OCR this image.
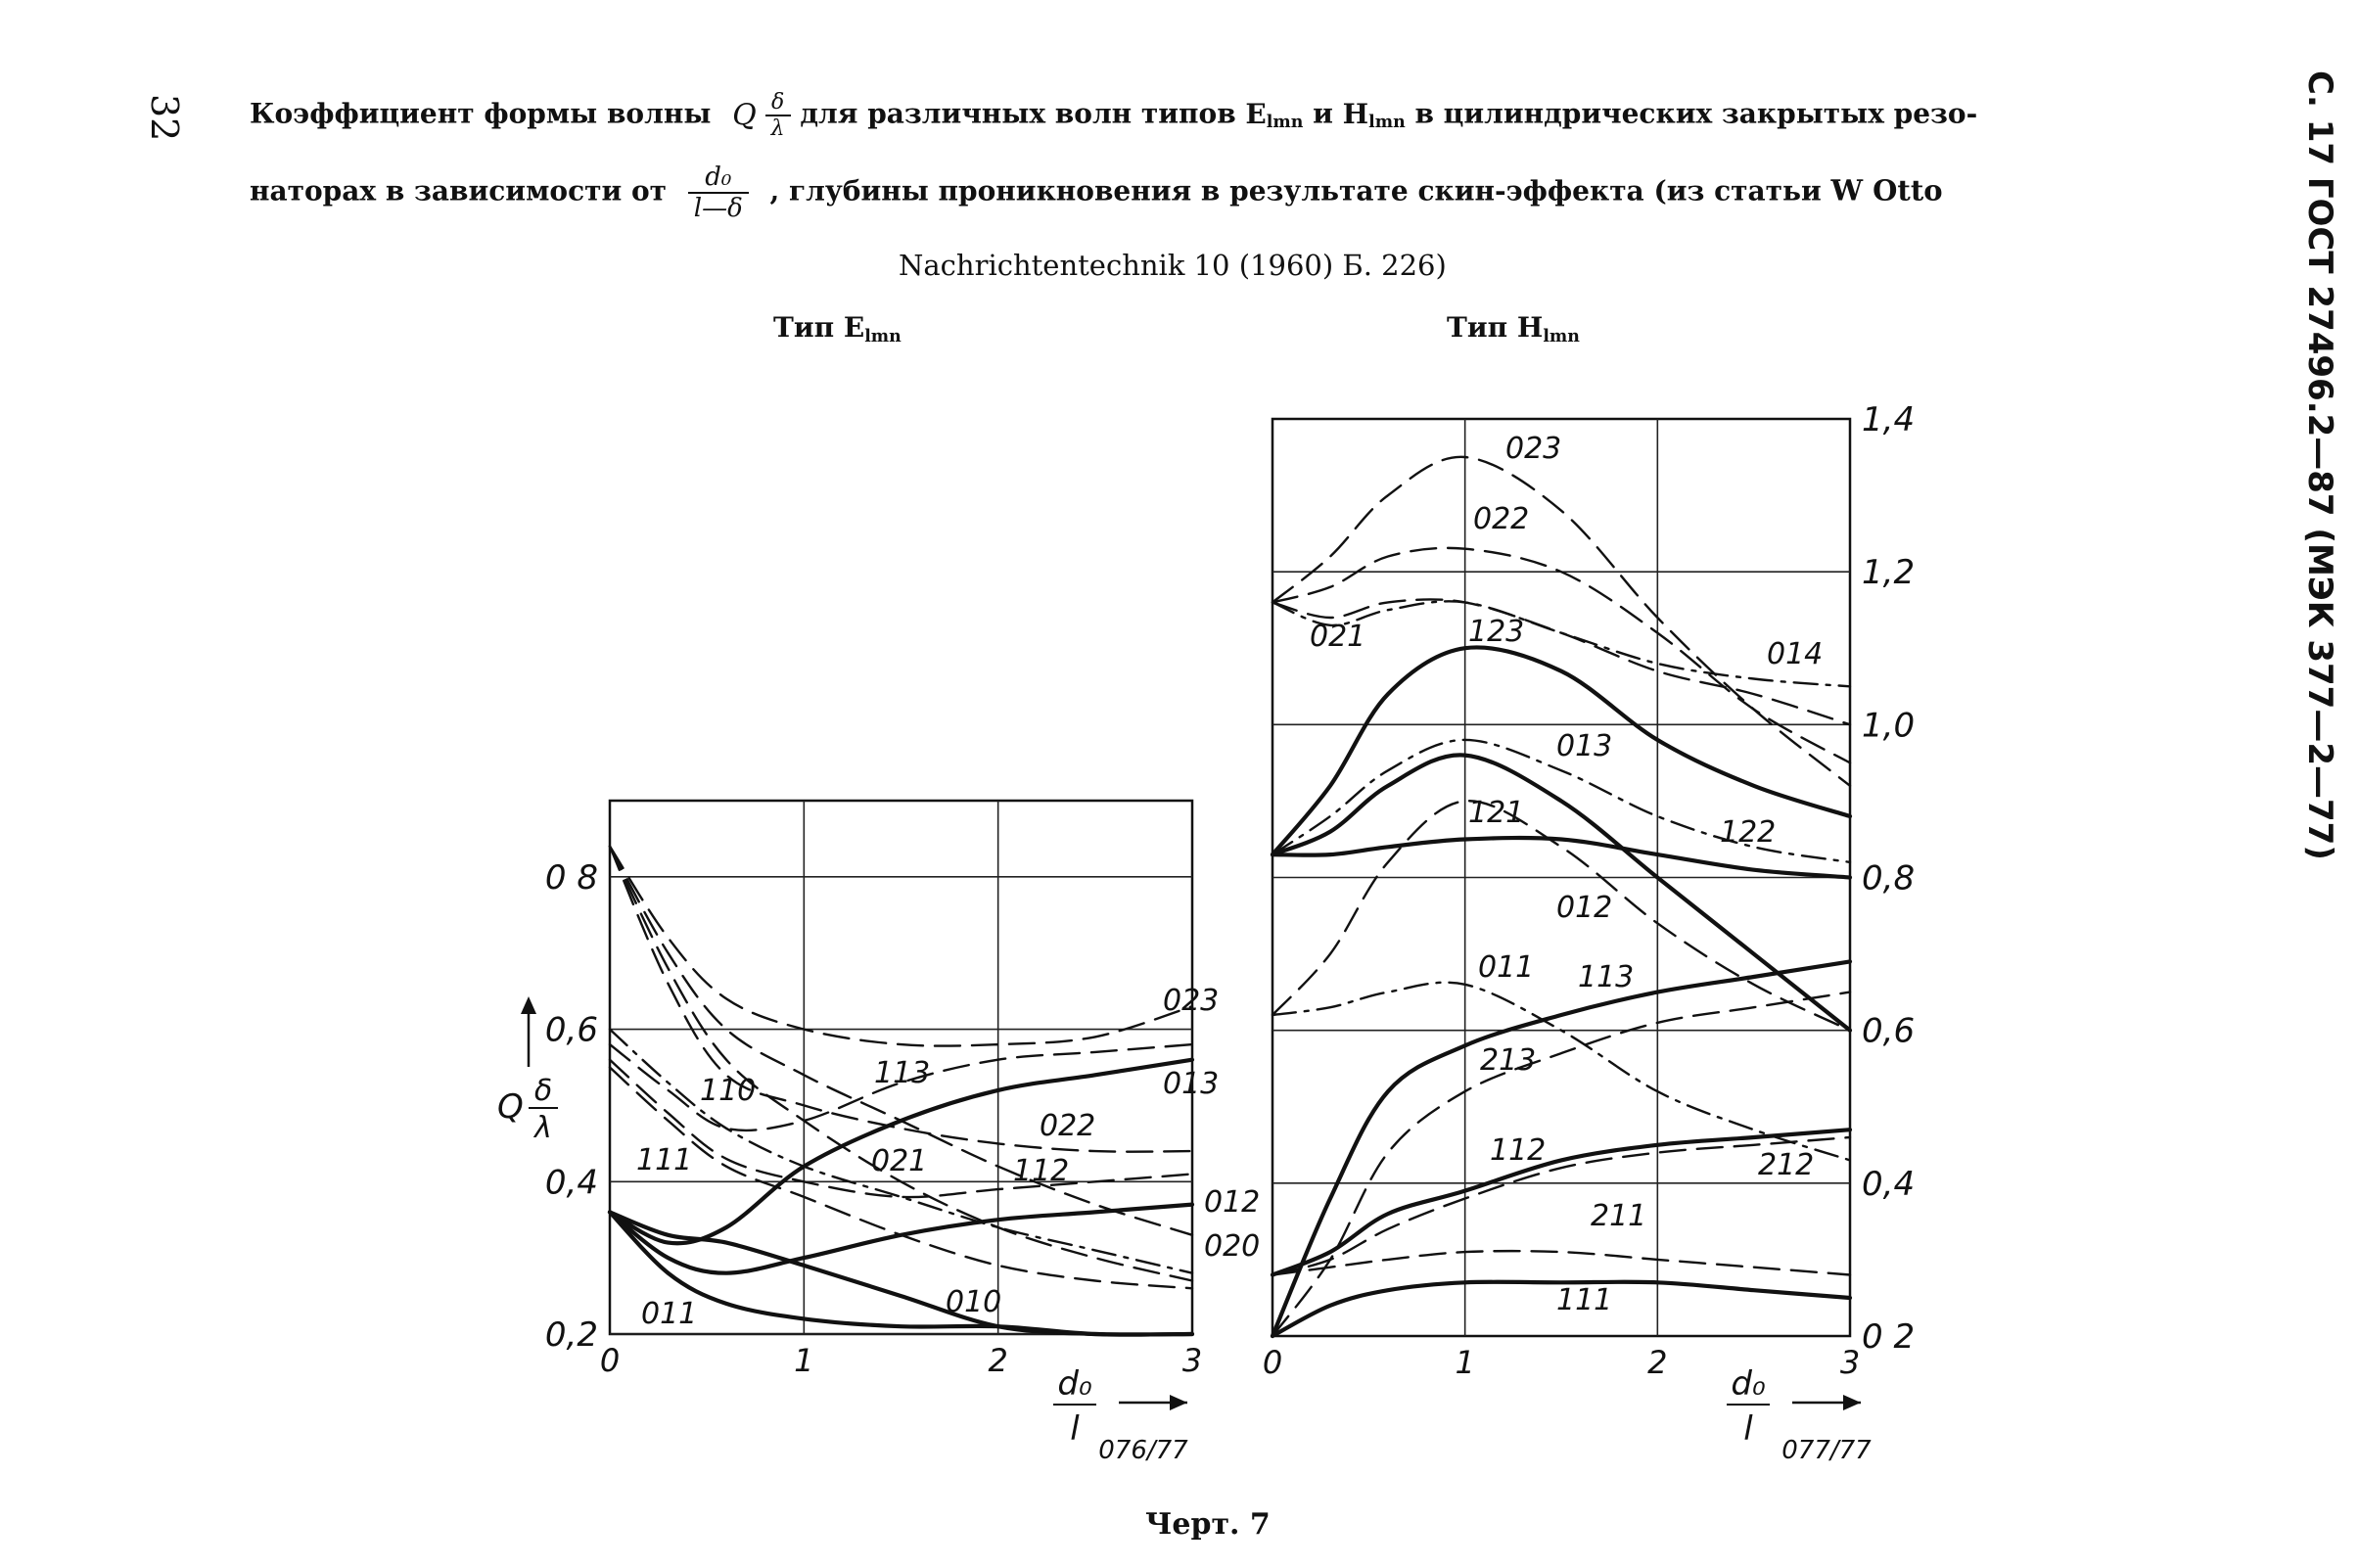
32	С. 17 ГОСТ 27496.2—87 (МЭК 377—2—77)
Коэффициент формы волны Q $\frac{\delta}{\lambda}$ для различных волн типов Elmn и Hlmn в цилиндрических закрытых резо-
наторах в зависимости от $\frac{\text{d₀}}{l—\delta}$ , глубины проникновения в результате скин-эффекта (из статьи W Otto
Nachrichtentechnik 10 (1960) Б. 226)
Тип Elmn	Тип Hlmn
0,2
0,4
0,6
0 8
0	1	2	3
d₀
l
076/77
Q δ
λ
023
113	013
022
021
110
111	112
012
020
010
011
0 2
0,4
0,6
0,8
1,0
1,2
1,4
0	1	2	3
d₀
l
077/77
023
022
021
014
123
013
121
122
012
011 113
213
112	212
211
111
Черт. 7
